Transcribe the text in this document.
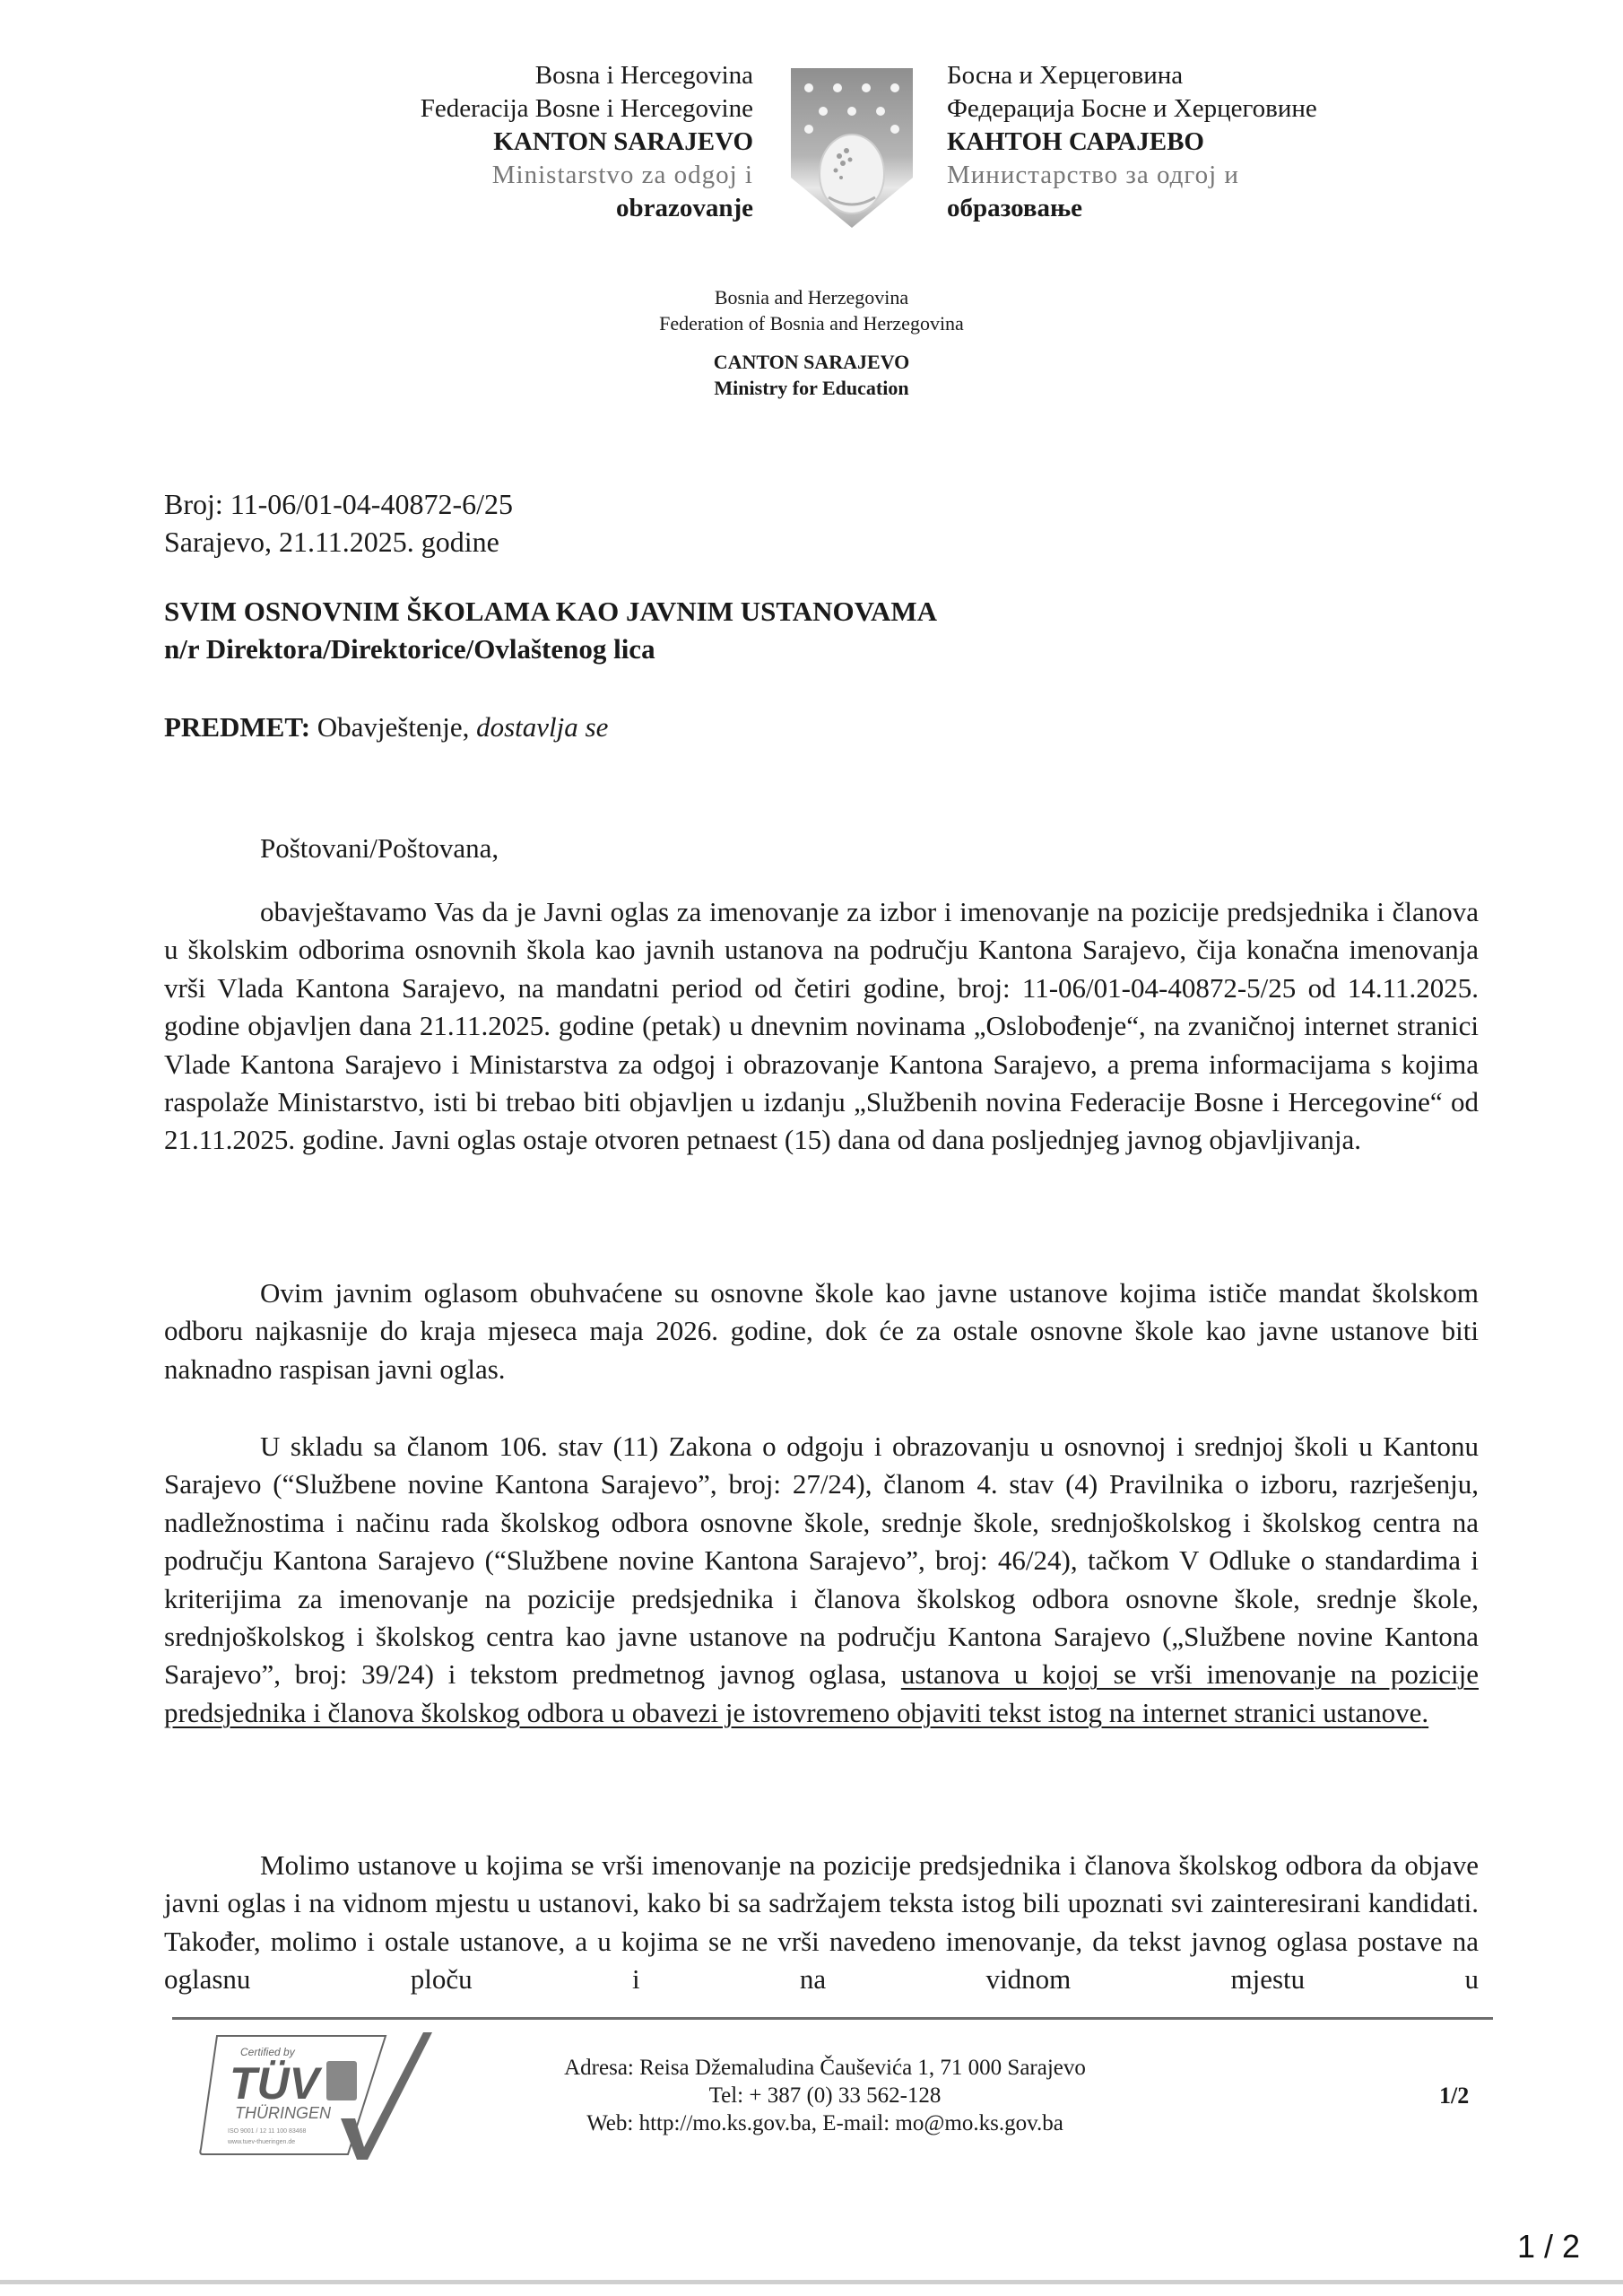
Bosna i Hercegovina
Federacija Bosne i Hercegovine
KANTON SARAJEVO
Ministarstvo za odgoj i
obrazovanje
Босна и Херцеговина
Федерација Босне и Херцеговине
КАНТОН САРАЈЕВО
Министарство за одгој и
образовање
Bosnia and Herzegovina
Federation of Bosnia and Herzegovina
CANTON SARAJEVO
Ministry for Education
Broj: 11-06/01-04-40872-6/25
Sarajevo, 21.11.2025. godine
SVIM OSNOVNIM ŠKOLAMA KAO JAVNIM USTANOVAMA
n/r Direktora/Direktorice/Ovlaštenog lica
PREDMET: Obavještenje, dostavlja se
Poštovani/Poštovana,

obavještavamo Vas da je Javni oglas za imenovanje za izbor i imenovanje na pozicije predsjednika i članova u školskim odborima osnovnih škola kao javnih ustanova na području Kantona Sarajevo, čija konačna imenovanja vrši Vlada Kantona Sarajevo, na mandatni period od četiri godine, broj: 11-06/01-04-40872-5/25 od 14.11.2025. godine objavljen dana 21.11.2025. godine (petak) u dnevnim novinama „Oslobođenje“, na zvaničnoj internet stranici Vlade Kantona Sarajevo i Ministarstva za odgoj i obrazovanje Kantona Sarajevo, a prema informacijama s kojima raspolaže Ministarstvo, isti bi trebao biti objavljen u izdanju „Službenih novina Federacije Bosne i Hercegovine“ od 21.11.2025. godine. Javni oglas ostaje otvoren petnaest (15) dana od dana posljednjeg javnog objavljivanja.

Ovim javnim oglasom obuhvaćene su osnovne škole kao javne ustanove kojima ističe mandat školskom odboru najkasnije do kraja mjeseca maja 2026. godine, dok će za ostale osnovne škole kao javne ustanove biti naknadno raspisan javni oglas.

U skladu sa članom 106. stav (11) Zakona o odgoju i obrazovanju u osnovnoj i srednjoj školi u Kantonu Sarajevo (“Službene novine Kantona Sarajevo”, broj: 27/24), članom 4. stav (4) Pravilnika o izboru, razrješenju, nadležnostima i načinu rada školskog odbora osnovne škole, srednje škole, srednjoškolskog i školskog centra na području Kantona Sarajevo (“Službene novine Kantona Sarajevo”, broj: 46/24), tačkom V Odluke o standardima i kriterijima za imenovanje na pozicije predsjednika i članova školskog odbora osnovne škole, srednje škole, srednjoškolskog i školskog centra kao javne ustanove na području Kantona Sarajevo („Službene novine Kantona Sarajevo”, broj: 39/24) i tekstom predmetnog javnog oglasa, ustanova u kojoj se vrši imenovanje na pozicije predsjednika i članova školskog odbora u obavezi je istovremeno objaviti tekst istog na internet stranici ustanove.

Molimo ustanove u kojima se vrši imenovanje na pozicije predsjednika i članova školskog odbora da objave javni oglas i na vidnom mjestu u ustanovi, kako bi sa sadržajem teksta istog bili upoznati svi zainteresirani kandidati. Također, molimo i ostale ustanove, a u kojima se ne vrši navedeno imenovanje, da tekst javnog oglasa postave na oglasnu ploču i na vidnom mjestu u

Certified by
TÜV
THÜRINGEN
ISO 9001 / 12 11 100 83468
www.tuev-thueringen.de
Adresa: Reisa Džemaludina Čauševića 1, 71 000 Sarajevo
Tel: + 387 (0) 33 562-128
Web: http://mo.ks.gov.ba, E-mail: mo@mo.ks.gov.ba
1/2
1 / 2
